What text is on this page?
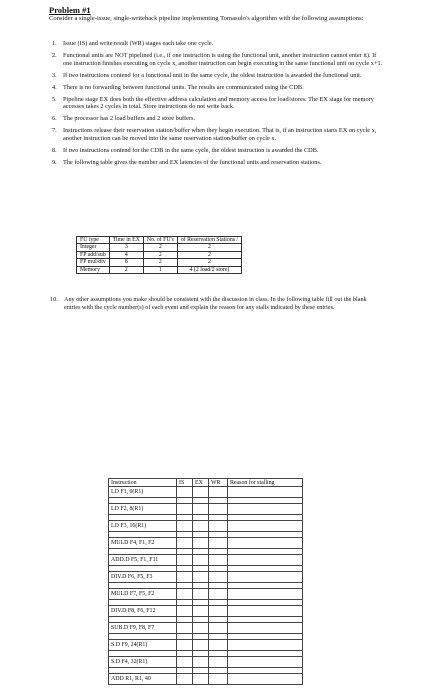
Problem #1
Consider a single-issue, single-writeback pipeline implementing Tomasulo's algorithm with the following assumptions:
1. Issue (IS) and write result (WR) stages each take one cycle.
2. Functional units are NOT pipelined (i.e., if one instruction is using the functional unit, another instruction cannot enter it). If one instruction finishes executing on cycle x, another instruction can begin executing in the same functional unit on cycle x+1.
3. If two instructions contend for a functional unit in the same cycle, the oldest instruction is awarded the functional unit.
4. There is no forwarding between functional units. The results are communicated using the CDB.
5. Pipeline stage EX does both the effective address calculation and memory access for load/stores. The EX stage for memory accesses takes 2 cycles in total. Store instructions do not write back.
6. The processor has 2 load buffers and 2 store buffers.
7. Instructions release their reservation station/buffer when they begin execution. That is, if an instruction starts EX on cycle x, another instruction can be moved into the same reservation station/buffer on cycle x.
8. If two instructions contend for the CDB in the same cycle, the oldest instruction is awarded the CDB.
9. The following table gives the number and EX latencies of the functional units and reservation stations.
FU type	Time in EX	No. of FU's	of Reservation Stations /
Integer	3	2	2
FP add/sub	4	2	2
FP mul/div	8	2	2
Memory	2	1	4 (2 load/2 store)
10. Any other assumptions you make should be consistent with the discussion in class. In the following table fill out the blank entries with the cycle number(s) of each event and explain the reason for any stalls indicated by these entries.
Instruction	IS	EX	WR	Reason for stalling
LD F1, 0(R1)				

LD F2, 8(R1)				

LD F3, 16(R1)				

MULD F4, F1, F2				

ADD.D F5, F1, F11				

DIV.D F6, F5, F3				

MULD F7, F5, F2				

DIV.D F8, F6, F12				

SUB.D F9, F8, F7				

S.D F9, 24(R1)				

S.D F4, 32(R1)				

ADD R1, R1, 40				
